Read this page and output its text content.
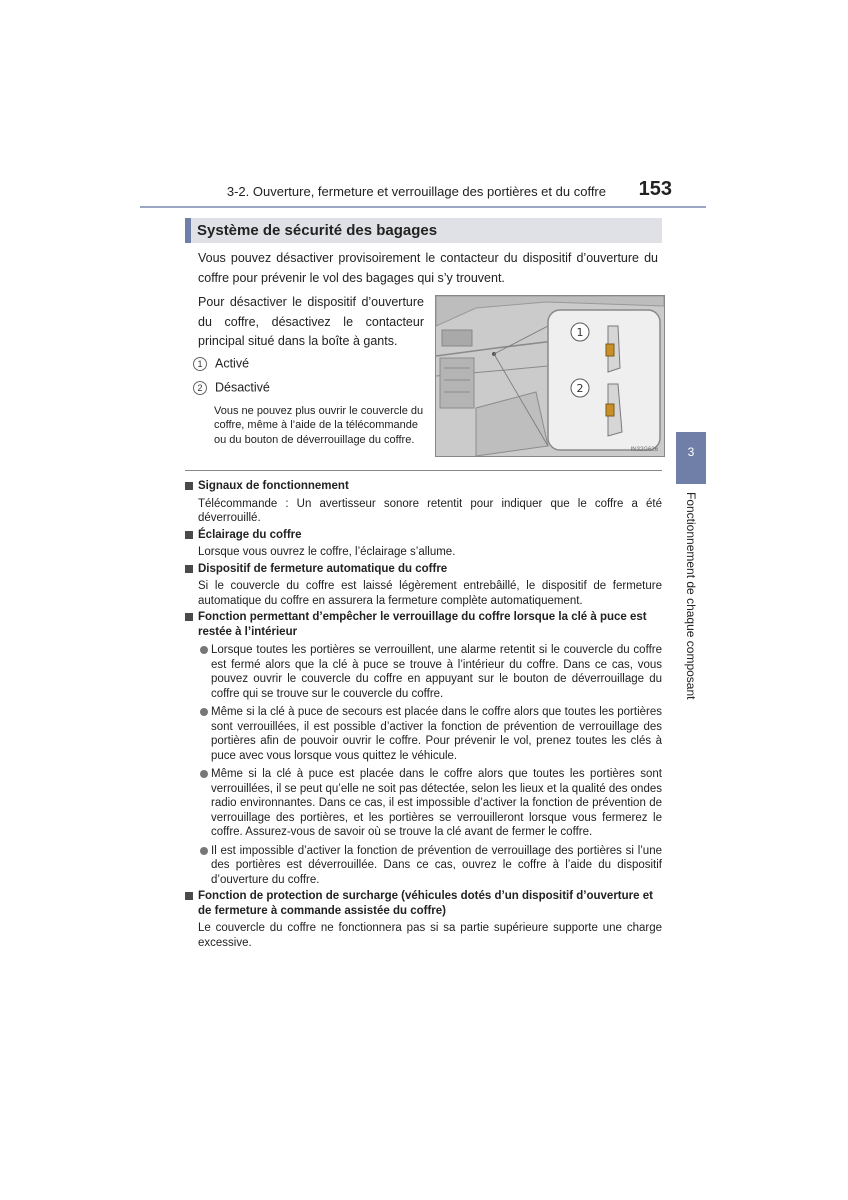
3-2. Ouverture, fermeture et verrouillage des portières et du coffre	153
Système de sécurité des bagages
Vous pouvez désactiver provisoirement le contacteur du dispositif d’ouverture du coffre pour prévenir le vol des bagages qui s’y trouvent.
Pour désactiver le dispositif d’ouverture du coffre, désactivez le contacteur principal situé dans la boîte à gants.
1 Activé
2 Désactivé
Vous ne pouvez plus ouvrir le couvercle du coffre, même à l’aide de la télécommande ou du bouton de déverrouillage du coffre.
1
2
IN32G626
Signaux de fonctionnement
Télécommande : Un avertisseur sonore retentit pour indiquer que le coffre a été déverrouillé.
Éclairage du coffre
Lorsque vous ouvrez le coffre, l’éclairage s’allume.
Dispositif de fermeture automatique du coffre
Si le couvercle du coffre est laissé légèrement entrebâillé, le dispositif de fermeture automatique du coffre en assurera la fermeture complète automatiquement.
Fonction permettant d’empêcher le verrouillage du coffre lorsque la clé à puce est restée à l’intérieur
Lorsque toutes les portières se verrouillent, une alarme retentit si le couvercle du coffre est fermé alors que la clé à puce se trouve à l’intérieur du coffre. Dans ce cas, vous pouvez ouvrir le couvercle du coffre en appuyant sur le bouton de déverrouillage du coffre qui se trouve sur le couvercle du coffre.
Même si la clé à puce de secours est placée dans le coffre alors que toutes les portières sont verrouillées, il est possible d’activer la fonction de prévention de verrouillage des portières afin de pouvoir ouvrir le coffre. Pour prévenir le vol, prenez toutes les clés à puce avec vous lorsque vous quittez le véhicule.
Même si la clé à puce est placée dans le coffre alors que toutes les portières sont verrouillées, il se peut qu’elle ne soit pas détectée, selon les lieux et la qualité des ondes radio environnantes. Dans ce cas, il est impossible d’activer la fonction de prévention de verrouillage des portières, et les portières se verrouilleront lorsque vous fermerez le coffre. Assurez-vous de savoir où se trouve la clé avant de fermer le coffre.
Il est impossible d’activer la fonction de prévention de verrouillage des portières si l’une des portières est déverrouillée. Dans ce cas, ouvrez le coffre à l’aide du dispositif d’ouverture du coffre.
Fonction de protection de surcharge (véhicules dotés d’un dispositif d’ouverture et de fermeture à commande assistée du coffre)
Le couvercle du coffre ne fonctionnera pas si sa partie supérieure supporte une charge excessive.
3
Fonctionnement de chaque composant
